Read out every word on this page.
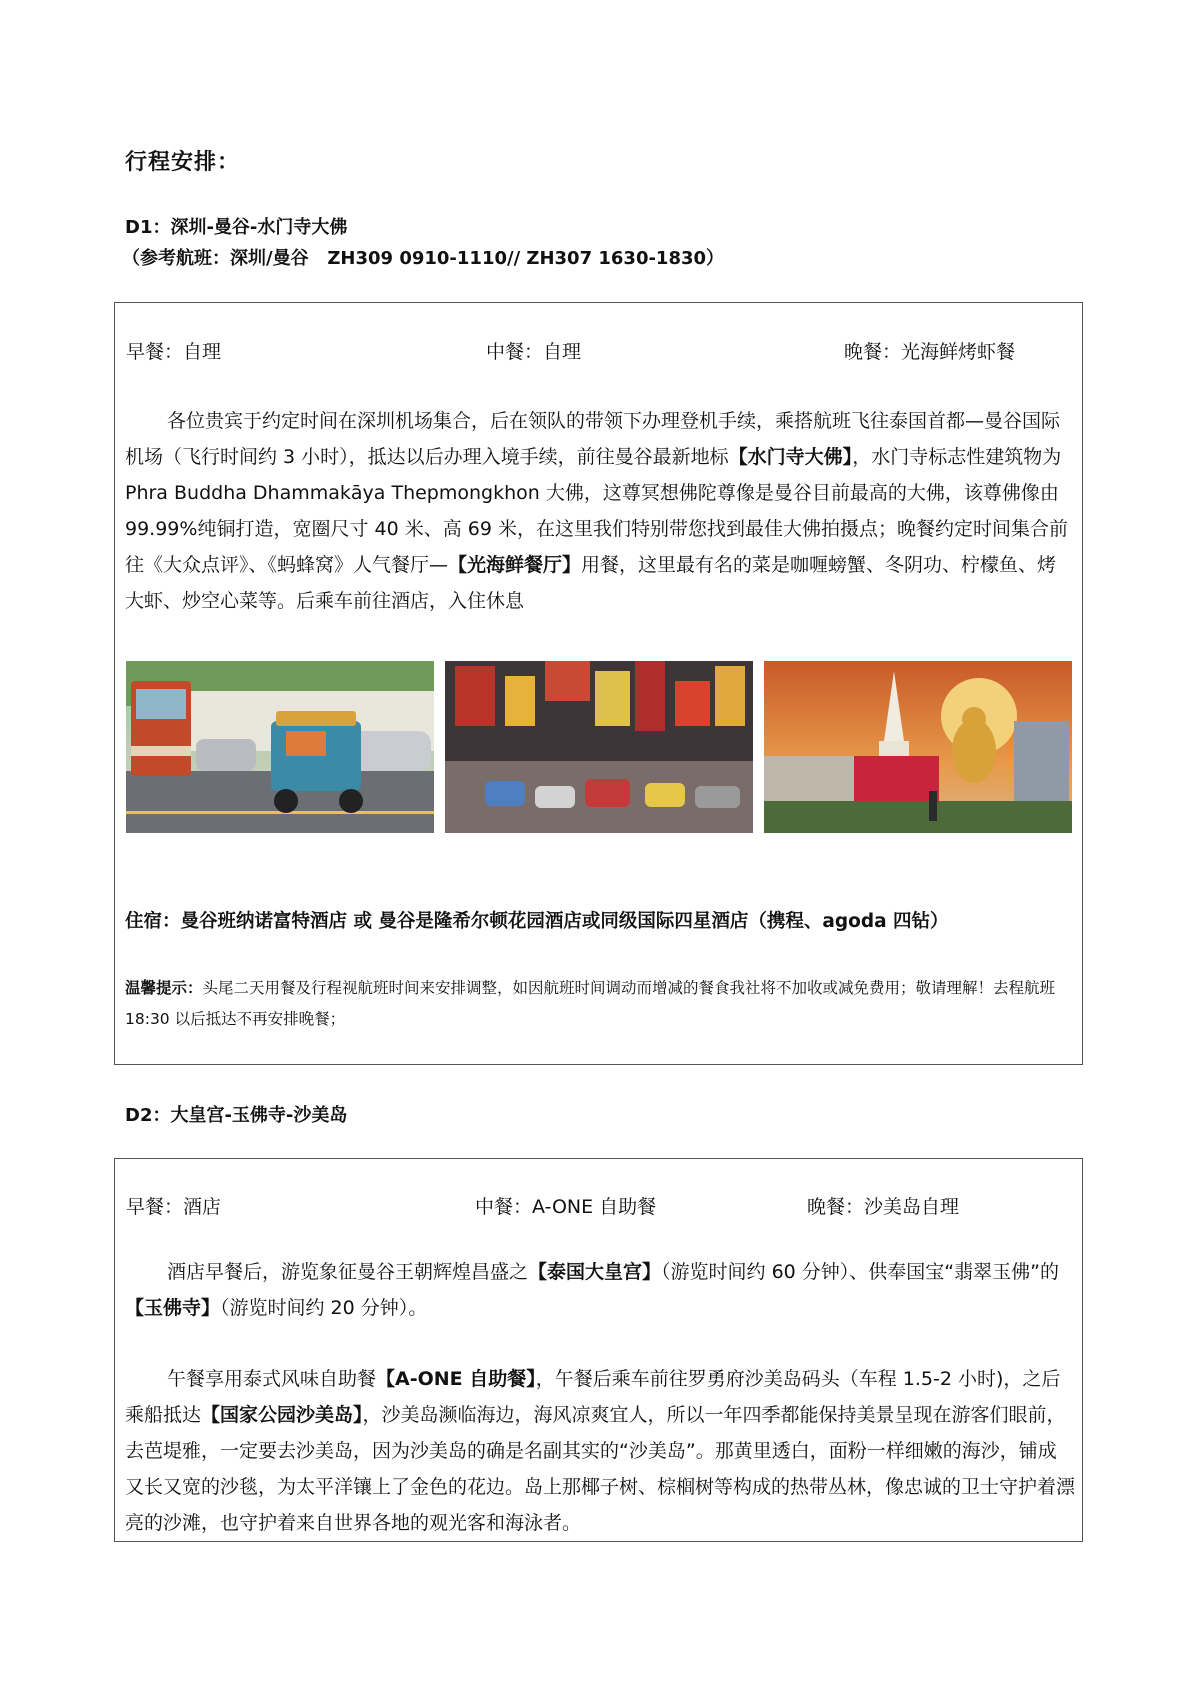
行程安排：
D1：深圳-曼谷-水门寺大佛
（参考航班：深圳/曼谷   ZH309 0910-1110// ZH307 1630-1830）
早餐：自理	中餐：自理	晚餐：光海鲜烤虾餐
各位贵宾于约定时间在深圳机场集合，后在领队的带领下办理登机手续，乘搭航班飞往泰国首都—曼谷国际机场（飞行时间约 3 小时），抵达以后办理入境手续，前往曼谷最新地标【水门寺大佛】，水门寺标志性建筑物为 Phra Buddha Dhammakāya Thepmongkhon 大佛，这尊冥想佛陀尊像是曼谷目前最高的大佛，该尊佛像由 99.99%纯铜打造，宽圈尺寸 40 米、高 69 米，在这里我们特别带您找到最佳大佛拍摄点；晚餐约定时间集合前往《大众点评》、《蚂蜂窝》人气餐厅—【光海鲜餐厅】用餐，这里最有名的菜是咖喱螃蟹、冬阴功、柠檬鱼、烤大虾、炒空心菜等。后乘车前往酒店，入住休息
住宿：曼谷班纳诺富特酒店 或 曼谷是隆希尔顿花园酒店或同级国际四星酒店（携程、agoda 四钻）
温馨提示：头尾二天用餐及行程视航班时间来安排调整，如因航班时间调动而增减的餐食我社将不加收或减免费用；敬请理解！去程航班 18:30 以后抵达不再安排晚餐；
D2：大皇宫-玉佛寺-沙美岛
早餐：酒店	中餐：A-ONE 自助餐	晚餐：沙美岛自理
酒店早餐后，游览象征曼谷王朝辉煌昌盛之【泰国大皇宫】（游览时间约 60 分钟）、供奉国宝“翡翠玉佛”的【玉佛寺】（游览时间约 20 分钟）。
午餐享用泰式风味自助餐【A-ONE 自助餐】，午餐后乘车前往罗勇府沙美岛码头（车程 1.5-2 小时)，之后乘船抵达【国家公园沙美岛】，沙美岛濒临海边，海风凉爽宜人，所以一年四季都能保持美景呈现在游客们眼前，去芭堤雅，一定要去沙美岛，因为沙美岛的确是名副其实的“沙美岛”。那黄里透白，面粉一样细嫩的海沙，铺成又长又宽的沙毯，为太平洋镶上了金色的花边。岛上那椰子树、棕榈树等构成的热带丛林，像忠诚的卫士守护着漂亮的沙滩，也守护着来自世界各地的观光客和海泳者。
